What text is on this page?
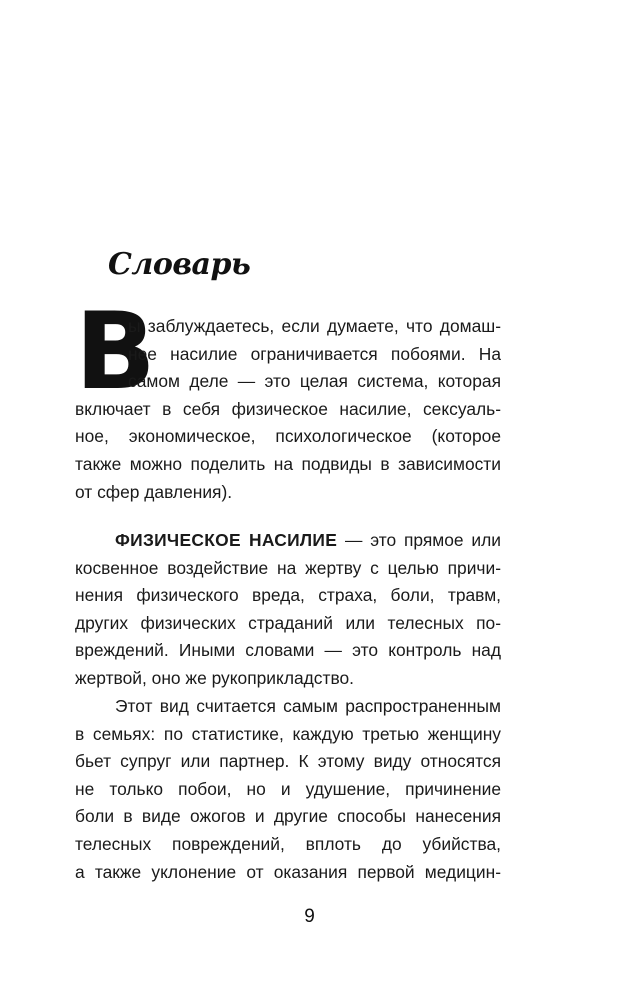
Словарь
В
ы заблуждаетесь, если думаете, что домаш-
нее насилие ограничивается побоями. На
самом деле — это целая система, которая
включает в себя физическое насилие, сексуаль-
ное, экономическое, психологическое (которое
также можно поделить на подвиды в зависимости
от сфер давления).
ФИЗИЧЕСКОЕ НАСИЛИЕ — это прямое или
косвенное воздействие на жертву с целью причи-
нения физического вреда, страха, боли, травм,
других физических страданий или телесных по-
вреждений. Иными словами — это контроль над
жертвой, оно же рукоприкладство.
Этот вид считается самым распространенным
в семьях: по статистике, каждую третью женщину
бьет супруг или партнер. К этому виду относятся
не только побои, но и удушение, причинение
боли в виде ожогов и другие способы нанесения
телесных повреждений, вплоть до убийства,
а также уклонение от оказания первой медицин-
9
